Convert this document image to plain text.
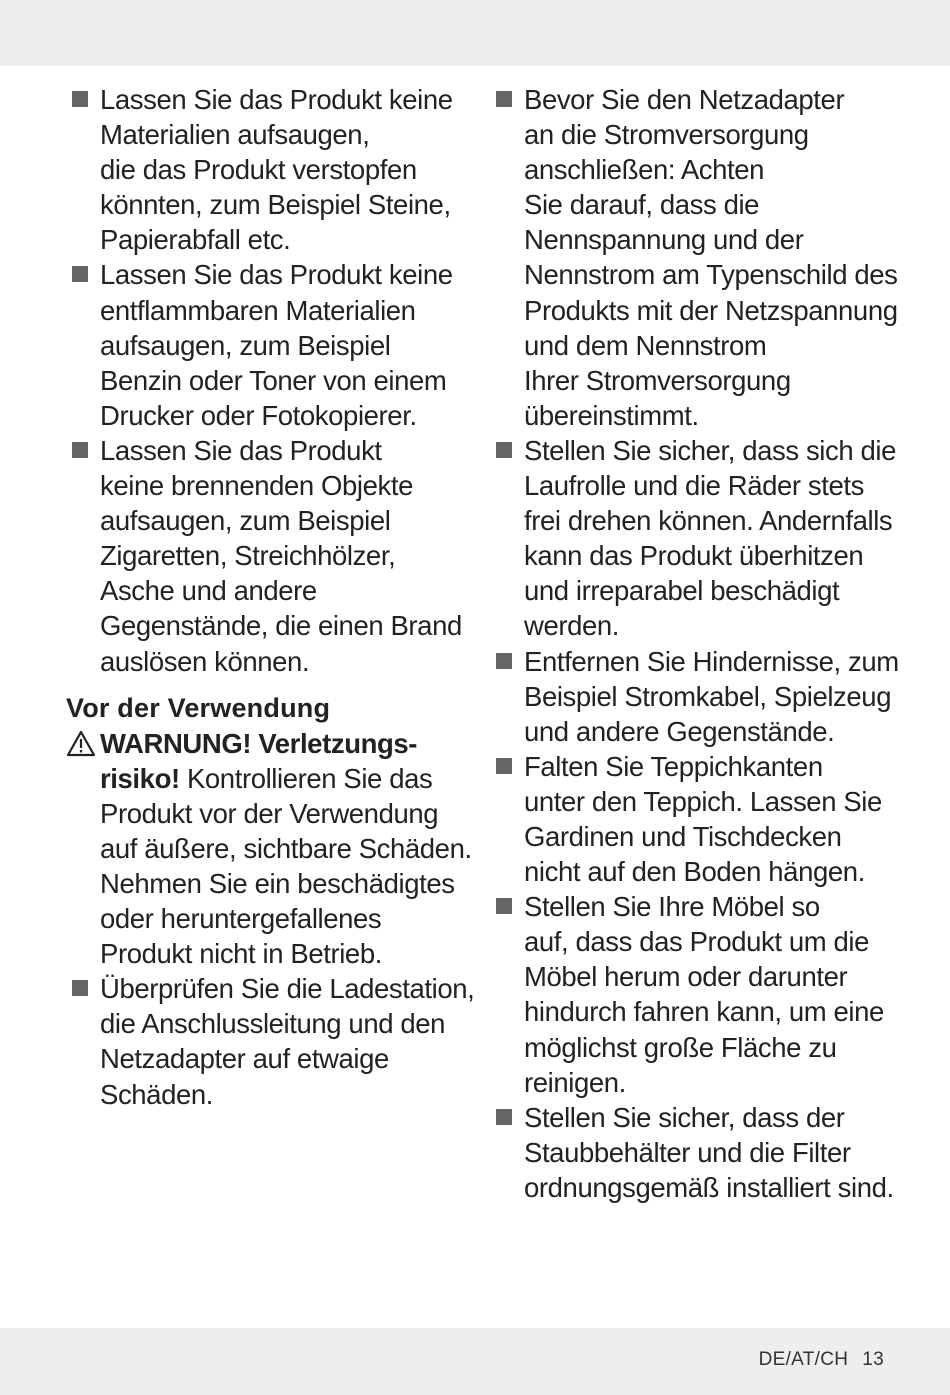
Lassen Sie das Produkt keine
Materialien aufsaugen,
die das Produkt verstopfen
könnten, zum Beispiel Steine,
Papierabfall etc.
Lassen Sie das Produkt keine
entflammbaren Materialien
aufsaugen, zum Beispiel
Benzin oder Toner von einem
Drucker oder Fotokopierer.
Lassen Sie das Produkt
keine brennenden Objekte
aufsaugen, zum Beispiel
Zigaretten, Streichhölzer,
Asche und andere
Gegenstände, die einen Brand
auslösen können.
Vor der Verwendung
WARNUNG! Verletzungs-
risiko! Kontrollieren Sie das
Produkt vor der Verwendung
auf äußere, sichtbare Schäden.
Nehmen Sie ein beschädigtes
oder heruntergefallenes
Produkt nicht in Betrieb.
Überprüfen Sie die Ladestation,
die Anschlussleitung und den
Netzadapter auf etwaige
Schäden.
Bevor Sie den Netzadapter
an die Stromversorgung
anschließen: Achten
Sie darauf, dass die
Nennspannung und der
Nennstrom am Typenschild des
Produkts mit der Netzspannung
und dem Nennstrom
Ihrer Stromversorgung
übereinstimmt.
Stellen Sie sicher, dass sich die
Laufrolle und die Räder stets
frei drehen können. Andernfalls
kann das Produkt überhitzen
und irreparabel beschädigt
werden.
Entfernen Sie Hindernisse, zum
Beispiel Stromkabel, Spielzeug
und andere Gegenstände.
Falten Sie Teppichkanten
unter den Teppich. Lassen Sie
Gardinen und Tischdecken
nicht auf den Boden hängen.
Stellen Sie Ihre Möbel so
auf, dass das Produkt um die
Möbel herum oder darunter
hindurch fahren kann, um eine
möglichst große Fläche zu
reinigen.
Stellen Sie sicher, dass der
Staubbehälter und die Filter
ordnungsgemäß installiert sind.
DE/AT/CH 13
